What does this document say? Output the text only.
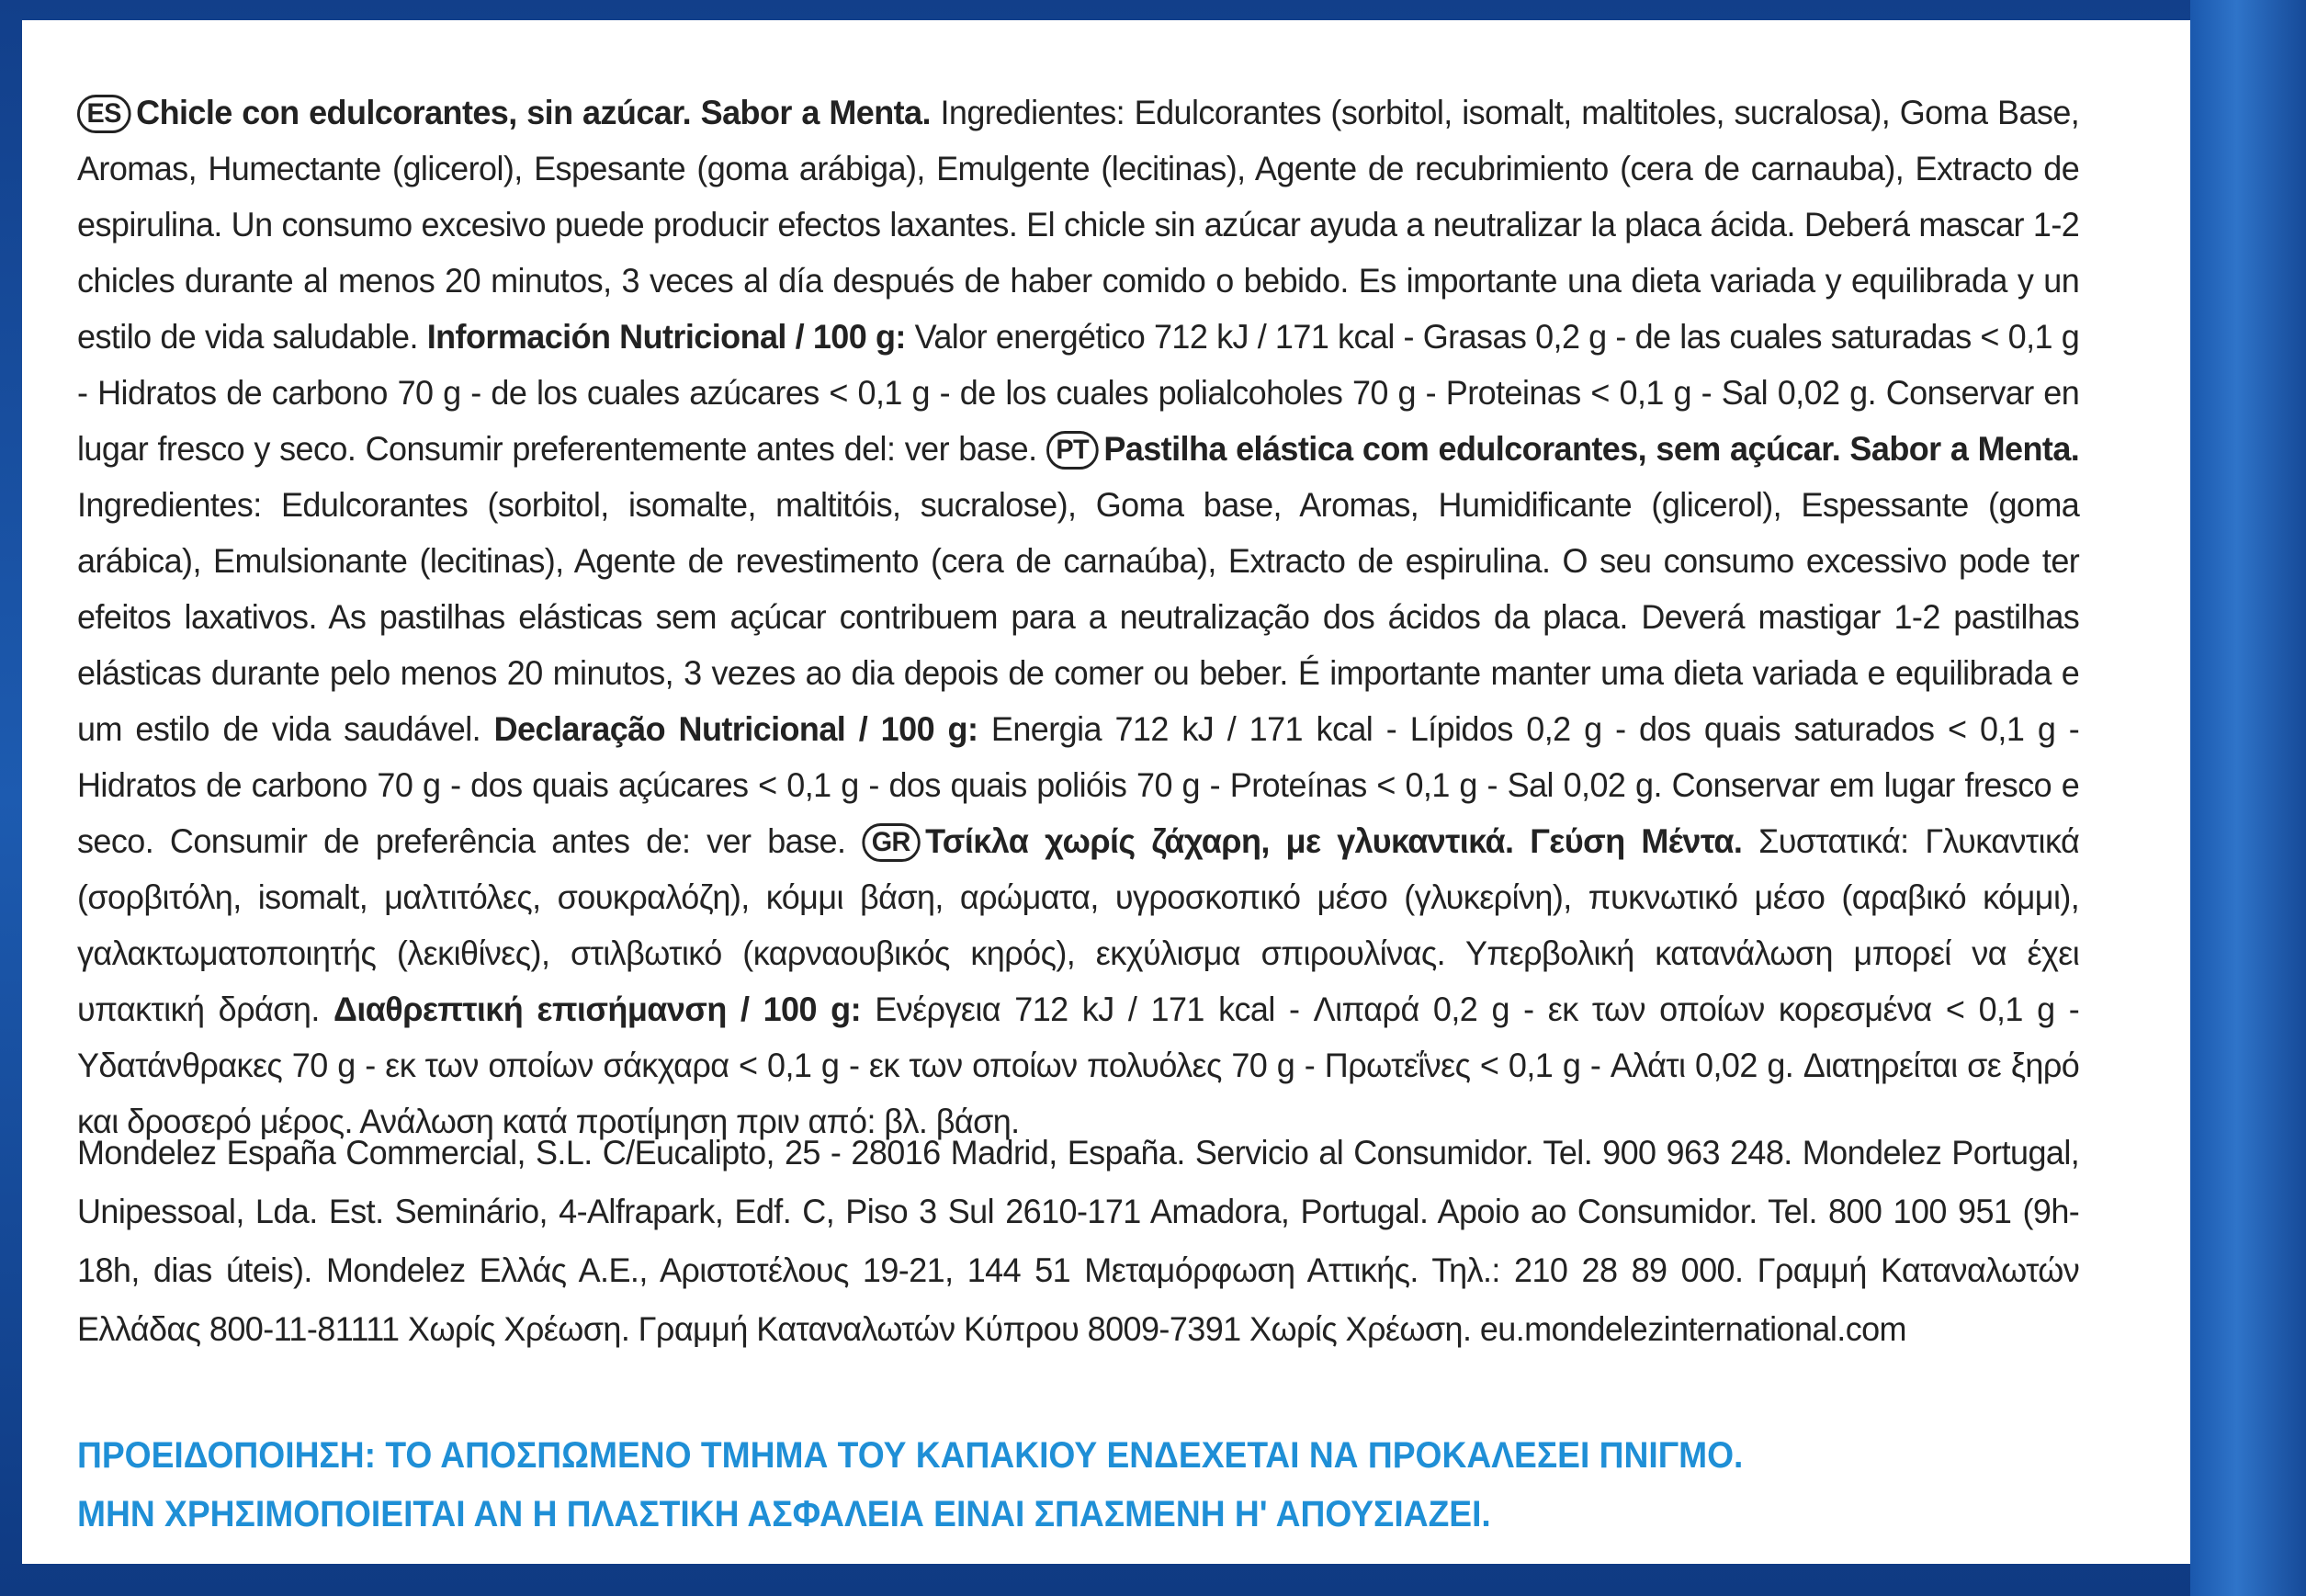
ES Chicle con edulcorantes, sin azúcar. Sabor a Menta. Ingredientes: Edulcorantes (sorbitol, isomalt, maltitoles, sucralosa), Goma Base, Aromas, Humectante (glicerol), Espesante (goma arábiga), Emulgente (lecitinas), Agente de recubrimiento (cera de carnauba), Extracto de espirulina. Un consumo excesivo puede producir efectos laxantes. El chicle sin azúcar ayuda a neutralizar la placa ácida. Deberá mascar 1-2 chicles durante al menos 20 minutos, 3 veces al día después de haber comido o bebido. Es importante una dieta variada y equilibrada y un estilo de vida saludable. Información Nutricional / 100 g: Valor energético 712 kJ / 171 kcal - Grasas 0,2 g - de las cuales saturadas < 0,1 g - Hidratos de carbono 70 g - de los cuales azúcares < 0,1 g - de los cuales polialcoholes 70 g - Proteinas < 0,1 g - Sal 0,02 g. Conservar en lugar fresco y seco. Consumir preferentemente antes del: ver base. PT Pastilha elástica com edulcorantes, sem açúcar. Sabor a Menta. Ingredientes: Edulcorantes (sorbitol, isomalte, maltitóis, sucralose), Goma base, Aromas, Humidificante (glicerol), Espessante (goma arábica), Emulsionante (lecitinas), Agente de revestimento (cera de carnaúba), Extracto de espirulina. O seu consumo excessivo pode ter efeitos laxativos. As pastilhas elásticas sem açúcar contribuem para a neutralização dos ácidos da placa. Deverá mastigar 1-2 pastilhas elásticas durante pelo menos 20 minutos, 3 vezes ao dia depois de comer ou beber. É importante manter uma dieta variada e equilibrada e um estilo de vida saudável. Declaração Nutricional / 100 g: Energia 712 kJ / 171 kcal - Lípidos 0,2 g - dos quais saturados < 0,1 g - Hidratos de carbono 70 g - dos quais açúcares < 0,1 g - dos quais polióis 70 g - Proteínas < 0,1 g - Sal 0,02 g. Conservar em lugar fresco e seco. Consumir de preferência antes de: ver base. GR Τσίκλα χωρίς ζάχαρη, με γλυκαντικά. Γεύση Μέντα. Συστατικά: Γλυκαντικά (σορβιτόλη, isomalt, μαλτιτόλες, σουκραλόζη), κόμμι βάση, αρώματα, υγροσκοπικό μέσο (γλυκερίνη), πυκνωτικό μέσο (αραβικό κόμμι), γαλακτωματοποιητής (λεκιθίνες), στιλβωτικό (καρναουβικός κηρός), εκχύλισμα σπιρουλίνας. Υπερβολική κατανάλωση μπορεί να έχει υπακτική δράση. Διαθρεπτική επισήμανση / 100 g: Ενέργεια 712 kJ / 171 kcal - Λιπαρά 0,2 g - εκ των οποίων κορεσμένα < 0,1 g - Υδατάνθρακες 70 g - εκ των οποίων σάκχαρα < 0,1 g - εκ των οποίων πολυόλες 70 g - Πρωτεΐνες < 0,1 g - Αλάτι 0,02 g. Διατηρείται σε ξηρό και δροσερό μέρος. Ανάλωση κατά προτίμηση πριν από: βλ. βάση.

Mondelez España Commercial, S.L. C/Eucalipto, 25 - 28016 Madrid, España. Servicio al Consumidor. Tel. 900 963 248. Mondelez Portugal, Unipessoal, Lda. Est. Seminário, 4-Alfrapark, Edf. C, Piso 3 Sul 2610-171 Amadora, Portugal. Apoio ao Consumidor. Tel. 800 100 951 (9h-18h, dias úteis). Mondelez Ελλάς Α.Ε., Αριστοτέλους 19-21, 144 51 Μεταμόρφωση Αττικής. Τηλ.: 210 28 89 000. Γραμμή Καταναλωτών Ελλάδας 800-11-81111 Χωρίς Χρέωση. Γραμμή Καταναλωτών Κύπρου 8009-7391 Χωρίς Χρέωση. eu.mondelezinternational.com

ΠΡΟΕΙΔΟΠΟΙΗΣΗ: ΤΟ ΑΠΟΣΠΩΜΕΝΟ ΤΜΗΜΑ ΤΟΥ ΚΑΠΑΚΙΟΥ ΕΝΔΕΧΕΤΑΙ ΝΑ ΠΡΟΚΑΛΕΣΕΙ ΠΝΙΓΜΟ.
ΜΗΝ ΧΡΗΣΙΜΟΠΟΙΕΙΤΑΙ ΑΝ Η ΠΛΑΣΤΙΚΗ ΑΣΦΑΛΕΙΑ ΕΙΝΑΙ ΣΠΑΣΜΕΝΗ Η' ΑΠΟΥΣΙΑΖΕΙ.
